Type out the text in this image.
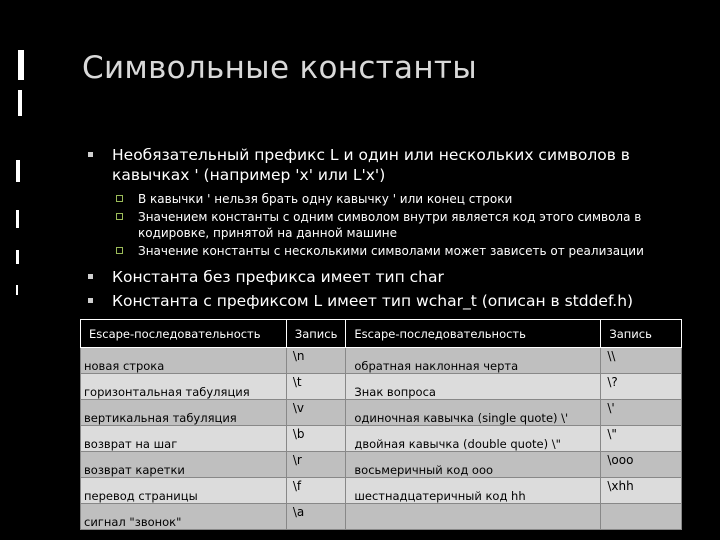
Символьные константы
Необязательный префикс L и один или нескольких символов в кавычках ' (например 'x' или L'x')
В кавычки ' нельзя брать одну кавычку ' или конец строки
Значением константы с одним символом внутри является код этого символа в кодировке, принятой на данной машине
Значение константы с несколькими символами может зависеть от реализации
Константа без префикса имеет тип char
Константа с префиксом L имеет тип wchar_t (описан в stddef.h)
Escape-последовательность	Запись	Escape-последовательность	Запись
новая строка	\n	обратная наклонная черта	\\
горизонтальная табуляция	\t	Знак вопроса	\?
вертикальная табуляция	\v	одиночная кавычка (single quote) \'	\'
возврат на шаг	\b	двойная кавычка (double quote) \"	\"
возврат каретки	\r	восьмеричный код ооо	\ooo
перевод страницы	\f	шестнадцатеричный код hh	\xhh
сигнал "звонок"	\a		
